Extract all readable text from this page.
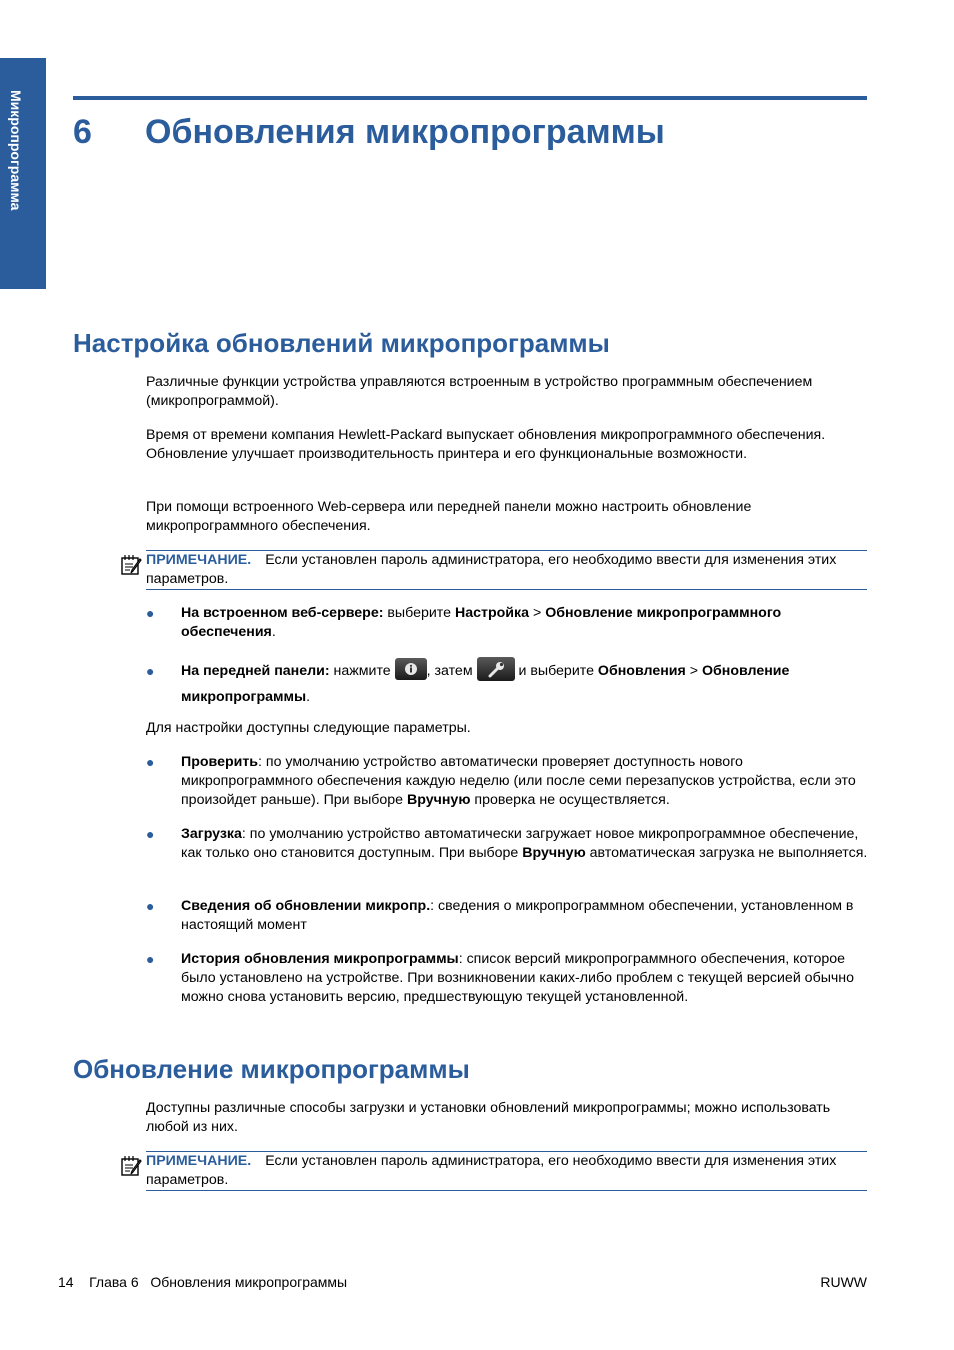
Микропрограмма 6 Обновления микропрограммы
Настройка обновлений микропрограммы

Различные функции устройства управляются встроенным в устройство программным обеспечением (микропрограммой).

Время от времени компания Hewlett-Packard выпускает обновления микропрограммного обеспечения. Обновление улучшает производительность принтера и его функциональные возможности.

При помощи встроенного Web-сервера или передней панели можно настроить обновление микропрограммного обеспечения.

ПРИМЕЧАНИЕ. Если установлен пароль администратора, его необходимо ввести для изменения этих параметров.
● На встроенном веб-сервере: выберите Настройка > Обновление микропрограммного обеспечения.
● На передней панели: нажмите
, затем	и выберите Обновления > Обновление микропрограммы.

Для настройки доступны следующие параметры.

● Проверить: по умолчанию устройство автоматически проверяет доступность нового микропрограммного обеспечения каждую неделю (или после семи перезапусков устройства, если это произойдет раньше). При выборе Вручную проверка не осуществляется.
● Загрузка: по умолчанию устройство автоматически загружает новое микропрограммное обеспечение, как только оно становится доступным. При выборе Вручную автоматическая загрузка не выполняется.
● Сведения об обновлении микропр.: сведения о микропрограммном обеспечении, установленном в настоящий момент
● История обновления микропрограммы: список версий микропрограммного обеспечения, которое было установлено на устройстве. При возникновении каких-либо проблем с текущей версией обычно можно снова установить версию, предшествующую текущей установленной.
Обновление микропрограммы

Доступны различные способы загрузки и установки обновлений микропрограммы; можно использовать любой из них.

ПРИМЕЧАНИЕ. Если установлен пароль администратора, его необходимо ввести для изменения этих параметров.
14 Глава 6 Обновления микропрограммы	RUWW
